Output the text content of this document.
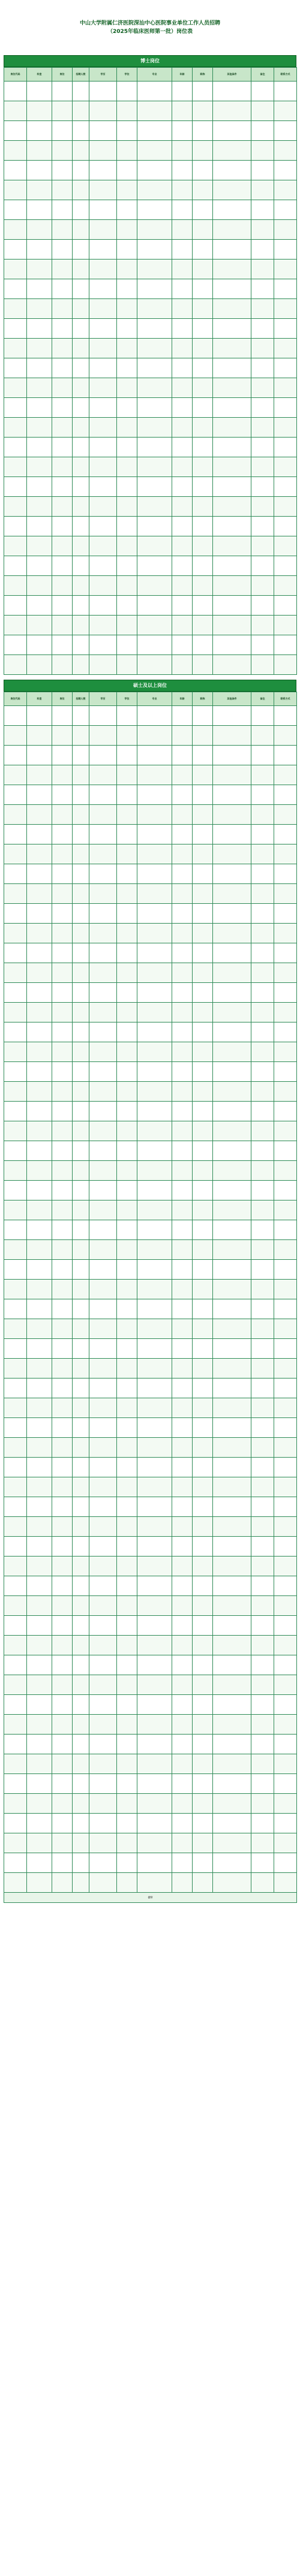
中山大学附属仁济医院深汕中心医院事业单位工作人员招聘

（2025年临床医师第一批）岗位表

博士岗位
岗位代码	科室	岗位	招聘人数	学历	学位	专业	年龄	职称	其他条件	备注	联系方式

硕士及以上岗位
岗位代码	科室	岗位	招聘人数	学历	学位	专业	年龄	职称	其他条件	备注	联系方式

合计											
